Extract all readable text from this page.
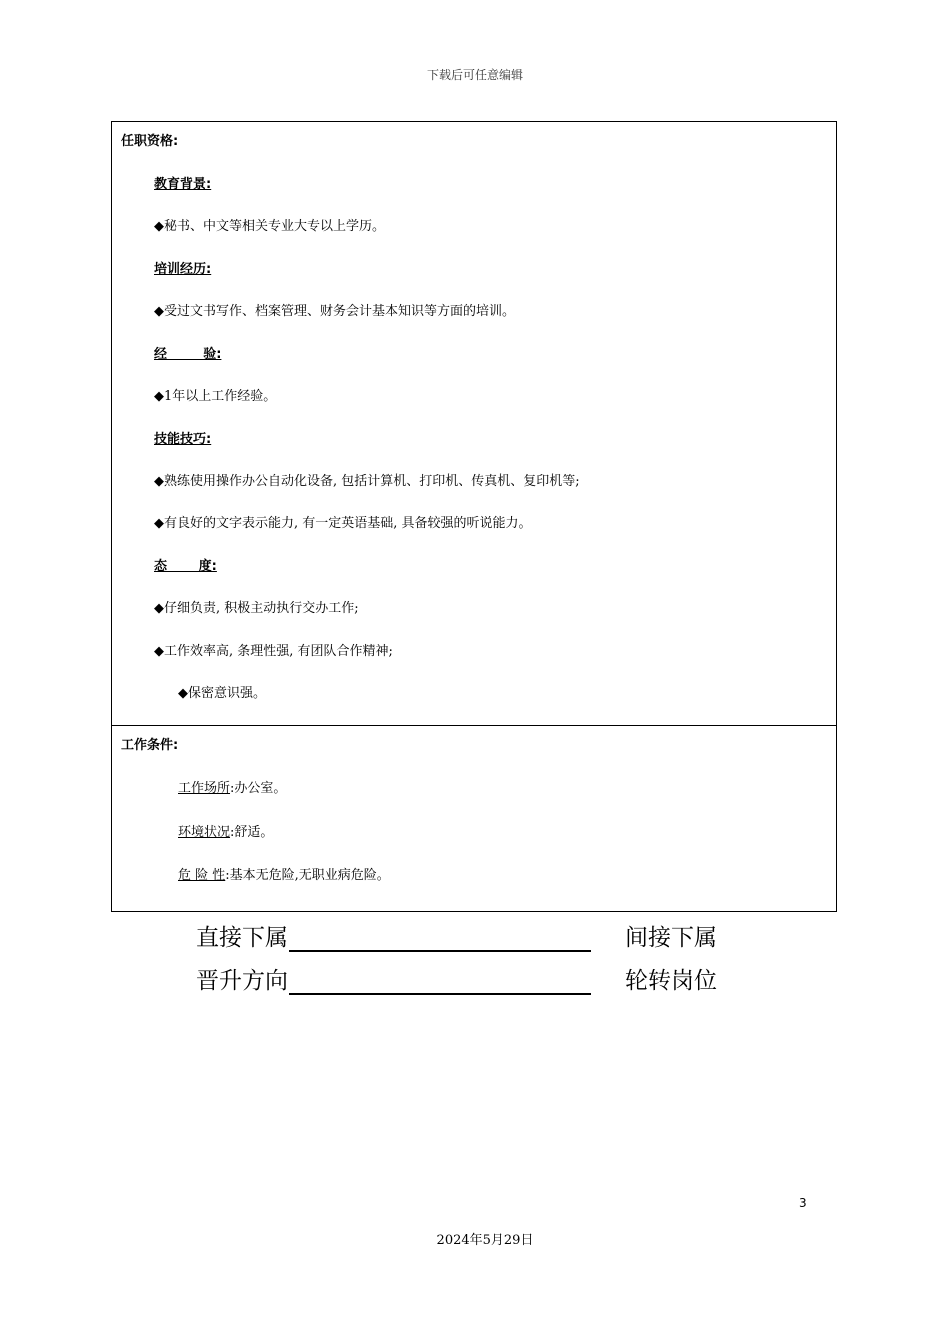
下载后可任意编辑
任职资格:
教育背景:
◆秘书、中文等相关专业大专以上学历。
培训经历:
◆受过文书写作、档案管理、财务会计基本知识等方面的培训。
经        验:
◆1年以上工作经验。
技能技巧:
◆熟练使用操作办公自动化设备, 包括计算机、打印机、传真机、复印机等;
◆有良好的文字表示能力, 有一定英语基础, 具备较强的听说能力。
态       度:
◆仔细负责, 积极主动执行交办工作;
◆工作效率高, 条理性强, 有团队合作精神;
◆保密意识强。
工作条件:
工作场所:办公室。
环境状况:舒适。
危 险 性:基本无危险,无职业病危险。
直接下属	间接下属
晋升方向	轮转岗位
3
2024年5月29日
